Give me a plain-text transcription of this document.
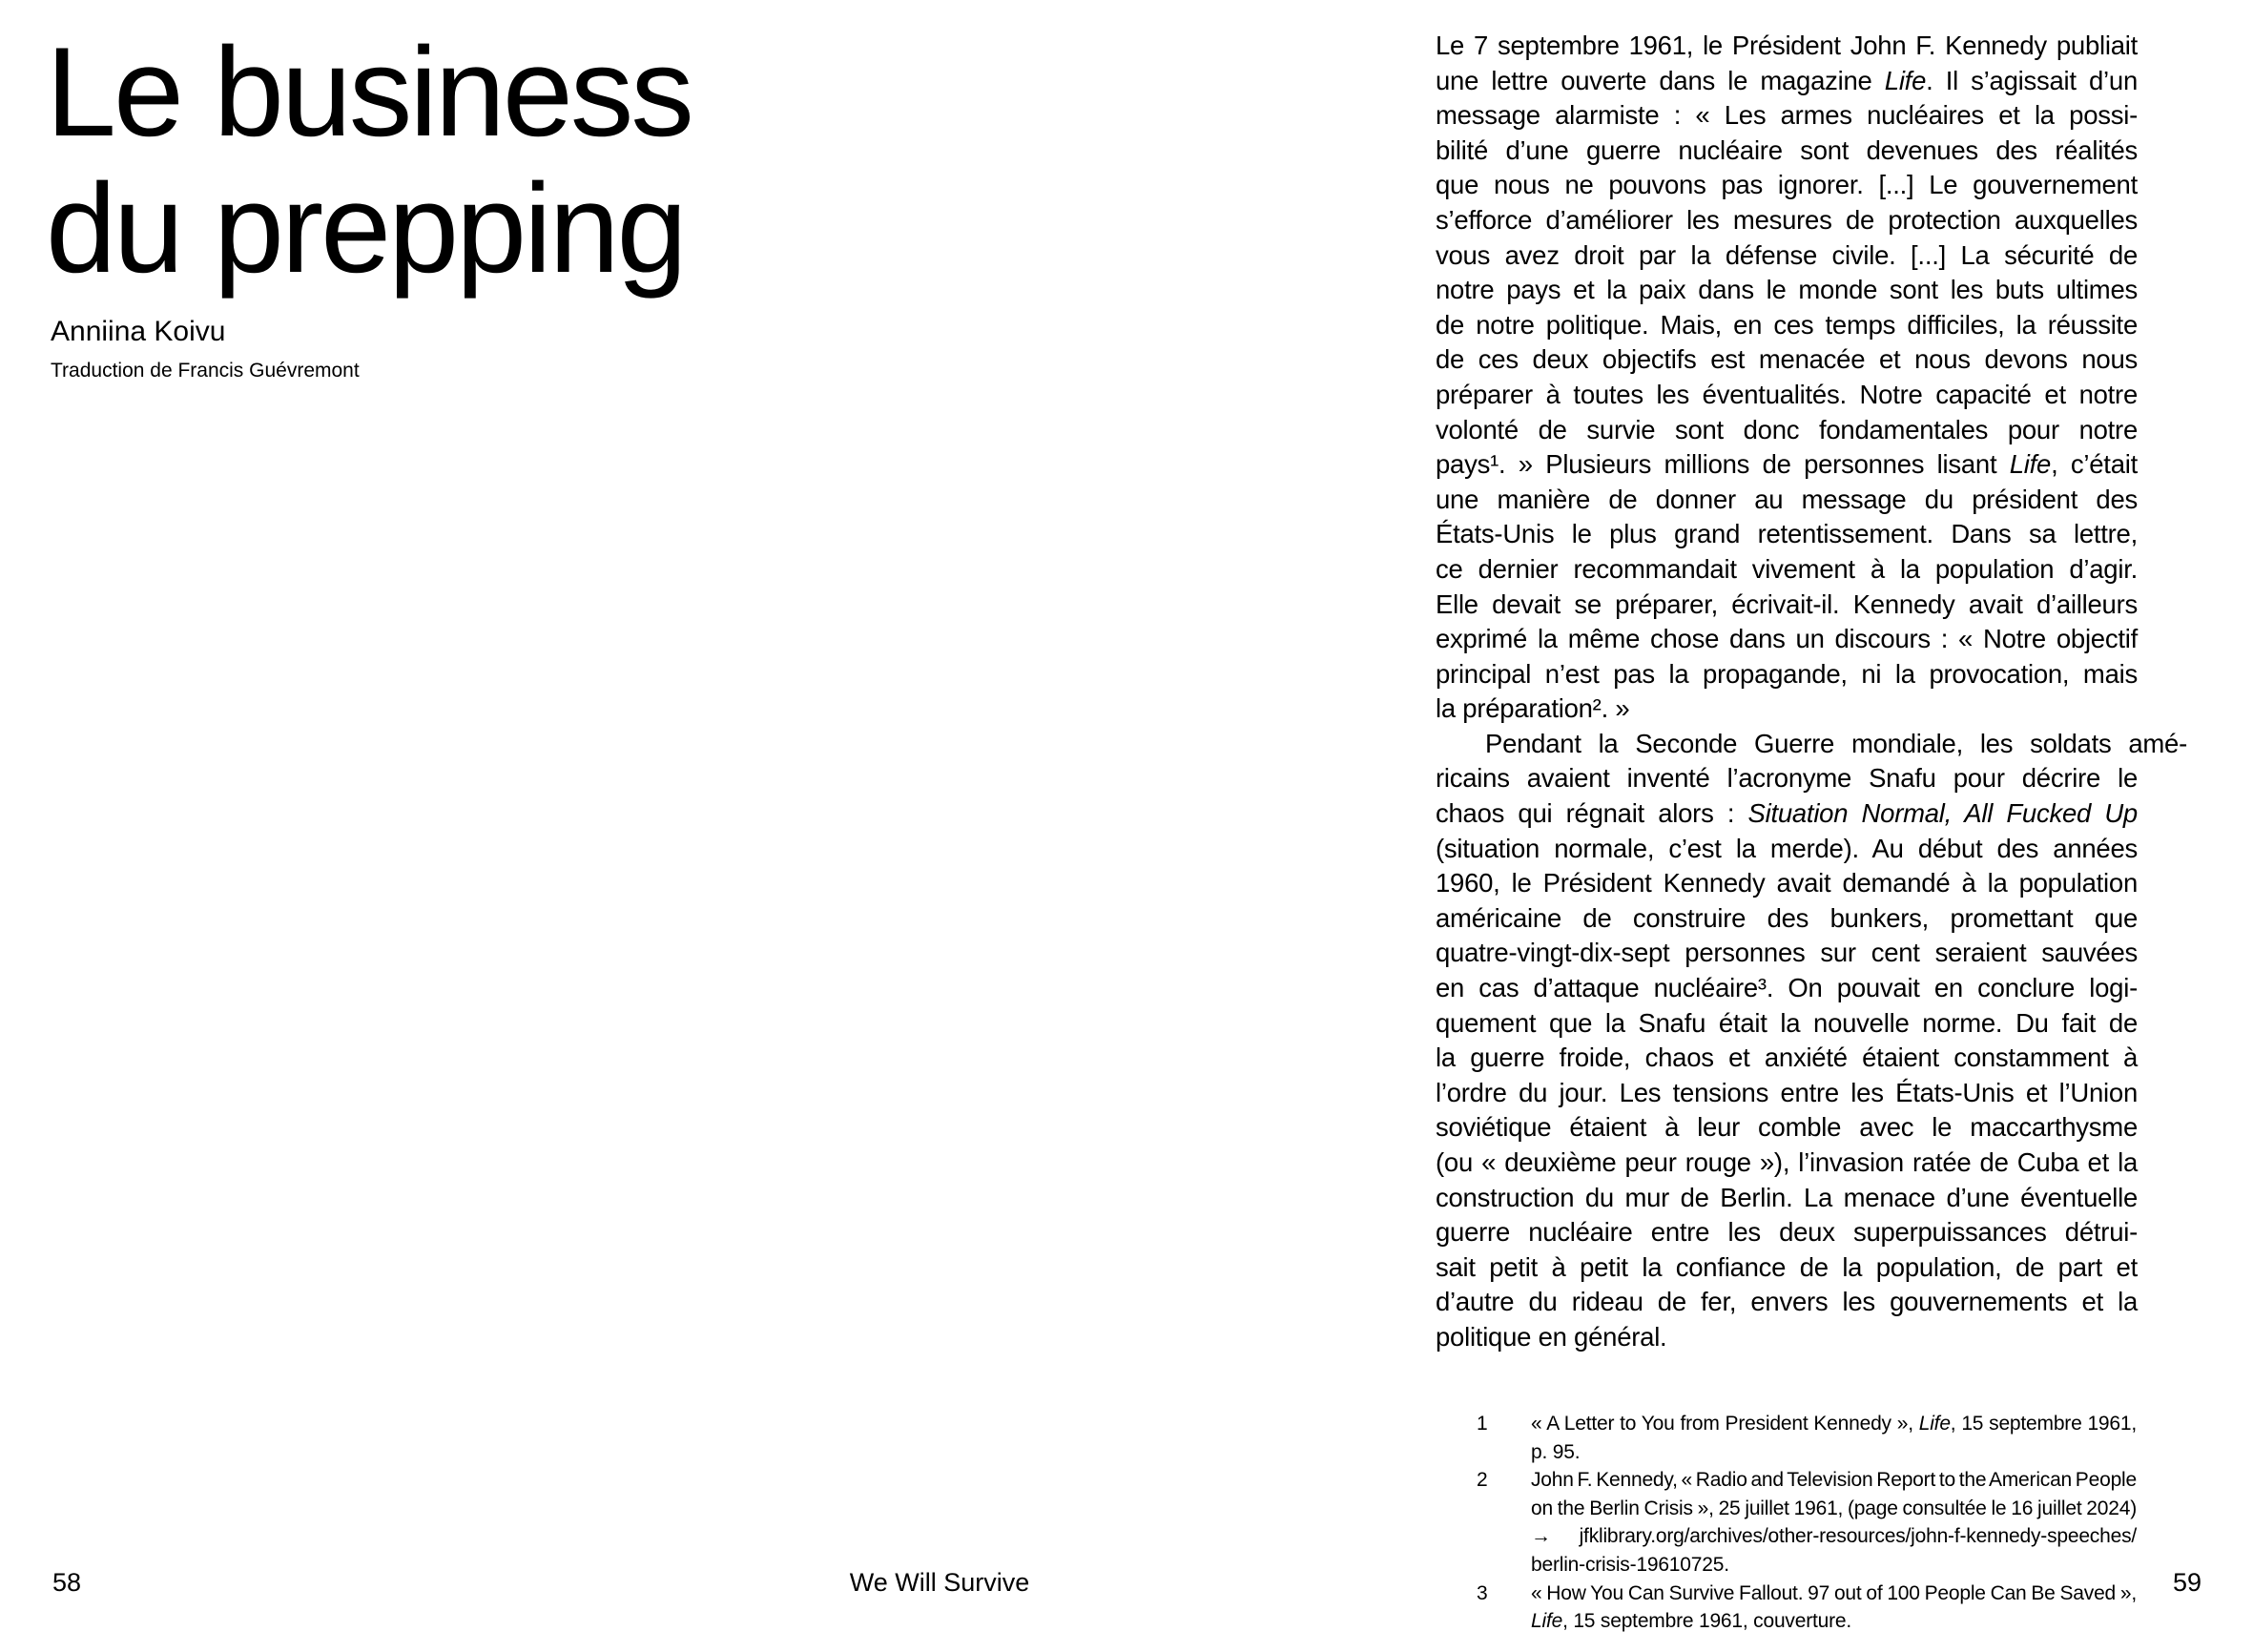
Le business
du prepping
Anniina Koivu
Traduction de Francis Guévremont
Le 7 septembre 1961, le Président John F. Kennedy publiait
une lettre ouverte dans le magazine Life. Il s’agissait d’un
message alarmiste : « Les armes nucléaires et la possi-
bilité d’une guerre nucléaire sont devenues des réalités
que nous ne pouvons pas ignorer. [...] Le gouvernement
s’efforce d’améliorer les mesures de protection auxquelles
vous avez droit par la défense civile. [...] La sécurité de
notre pays et la paix dans le monde sont les buts ultimes
de notre politique. Mais, en ces temps difficiles, la réussite
de ces deux objectifs est menacée et nous devons nous
préparer à toutes les éventualités. Notre capacité et notre
volonté de survie sont donc fondamentales pour notre
pays¹. » Plusieurs millions de personnes lisant Life, c’était
une manière de donner au message du président des
États-Unis le plus grand retentissement. Dans sa lettre,
ce dernier recommandait vivement à la population d’agir.
Elle devait se préparer, écrivait-il. Kennedy avait d’ailleurs
exprimé la même chose dans un discours : « Notre objectif
principal n’est pas la propagande, ni la provocation, mais
la préparation². »
Pendant la Seconde Guerre mondiale, les soldats amé-
ricains avaient inventé l’acronyme Snafu pour décrire le
chaos qui régnait alors : Situation Normal, All Fucked Up
(situation normale, c’est la merde). Au début des années
1960, le Président Kennedy avait demandé à la population
américaine de construire des bunkers, promettant que
quatre-vingt-dix-sept personnes sur cent seraient sauvées
en cas d’attaque nucléaire³. On pouvait en conclure logi-
quement que la Snafu était la nouvelle norme. Du fait de
la guerre froide, chaos et anxiété étaient constamment à
l’ordre du jour. Les tensions entre les États-Unis et l’Union
soviétique étaient à leur comble avec le maccarthysme
(ou « deuxième peur rouge »), l’invasion ratée de Cuba et la
construction du mur de Berlin. La menace d’une éventuelle
guerre nucléaire entre les deux superpuissances détrui-
sait petit à petit la confiance de la population, de part et
d’autre du rideau de fer, envers les gouvernements et la
politique en général.
1	« A Letter to You from President Kennedy », Life, 15 septembre 1961,
p. 95.
2	John F. Kennedy, « Radio and Television Report to the American People
on the Berlin Crisis », 25 juillet 1961, (page consultée le 16 juillet 2024)
→ jfklibrary.org/archives/other-resources/john-f-kennedy-speeches/
berlin-crisis-19610725.
3	« How You Can Survive Fallout. 97 out of 100 People Can Be Saved »,
Life, 15 septembre 1961, couverture.
58	We Will Survive	59
